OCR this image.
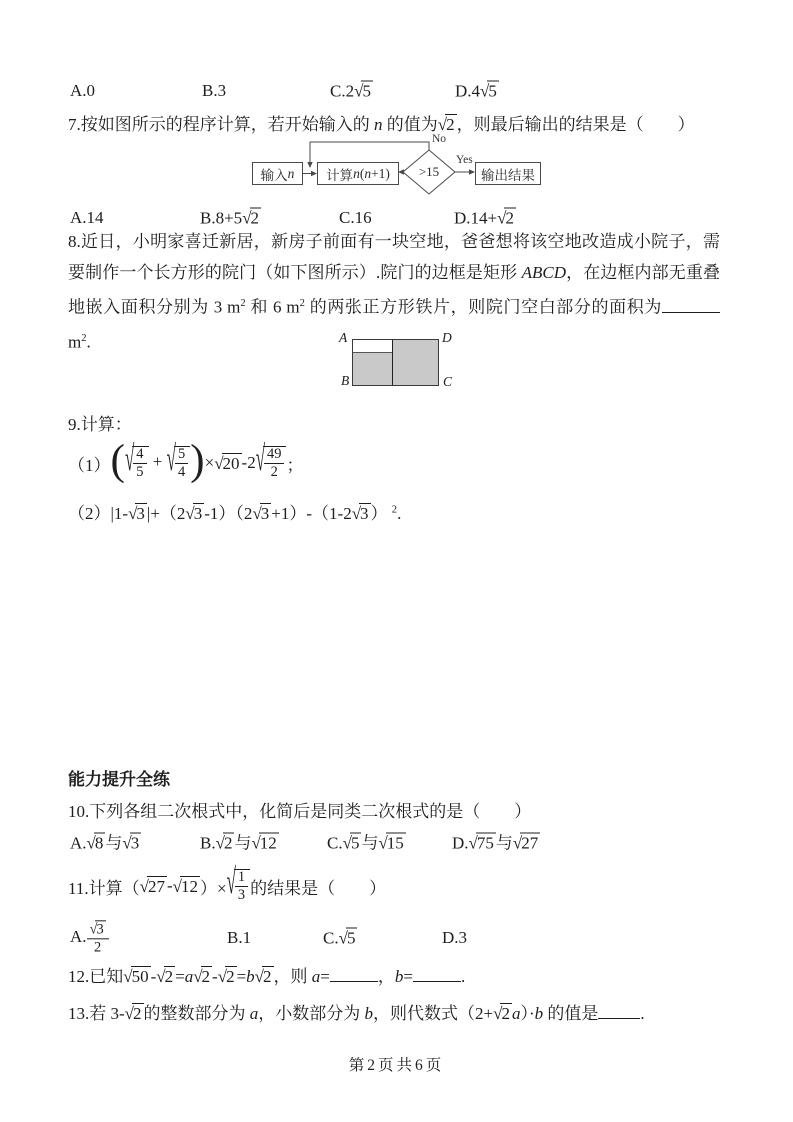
A.0	B.3	C.2√5	D.4√5
7.按如图所示的程序计算，若开始输入的 n 的值为√2 ，则最后输出的结果是（　　）
输入 n	计算 n ( n +1)	>15	输出结果
No
Yes
A.14	B.8+5√2	C.16	D.14+√2
8.近日，小明家喜迁新居，新房子前面有一块空地，爸爸想将该空地改造成小院子，需要制作一个长方形的院门（如下图所示）.院门的边框是矩形 ABCD，在边框内部无重叠地嵌入面积分别为 3 $m^2$ 和 6 $m^2$ 的两张正方形铁片，则院门空白部分的面积为$m^2$.	A	D
B	C
9.计算：
（1） ( √ $\frac{4}{5}$ + √ $\frac{5}{4}$ ) × √20 -2 √ $\frac{49}{2}$ ；
（2）|1-√3 |+（2√3 -1）（2√3 +1）-（1-2√3 ） $^2$.
能力提升全练
10.下列各组二次根式中，化简后是同类二次根式的是（　　）
A.√8 与√3	B.√2 与√12	C.√5 与√15	D.√75 与√27
11.计算（ √27 - √12 ）× √ $\frac{1}{3}$ 的结果是（　　）
A. $\frac{√3}{2}$	B.1	C.√5	D.3
12.已知√50 -√2 =a√2 -√2 =b√2 ，则 a=	，b=	.
13.若 3-√2 的整数部分为 a，小数部分为 b，则代数式（2+√2 a）·b 的值是 .
第2页共6页
